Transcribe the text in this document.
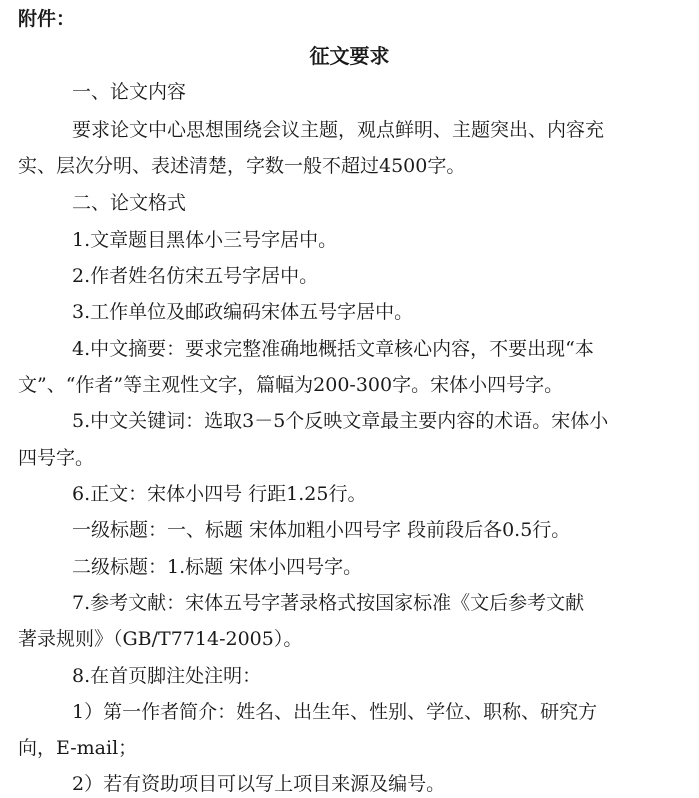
附件：
征文要求
一、论文内容
要求论文中心思想围绕会议主题，观点鲜明、主题突出、内容充
实、层次分明、表述清楚，字数一般不超过4500字。
二、论文格式
1.文章题目黑体小三号字居中。
2.作者姓名仿宋五号字居中。
3.工作单位及邮政编码宋体五号字居中。
4.中文摘要：要求完整准确地概括文章核心内容，不要出现“本
文”、“作者”等主观性文字，篇幅为200-300字。宋体小四号字。
5.中文关键词：选取3－5个反映文章最主要内容的术语。宋体小
四号字。
6.正文：宋体小四号 行距1.25行。
一级标题：一、标题 宋体加粗小四号字 段前段后各0.5行。
二级标题：1.标题 宋体小四号字。
7.参考文献：宋体五号字著录格式按国家标准《文后参考文献
著录规则》（GB/T7714-2005）。
8.在首页脚注处注明：
1）第一作者简介：姓名、出生年、性别、学位、职称、研究方
向，E-mail；
2）若有资助项目可以写上项目来源及编号。
